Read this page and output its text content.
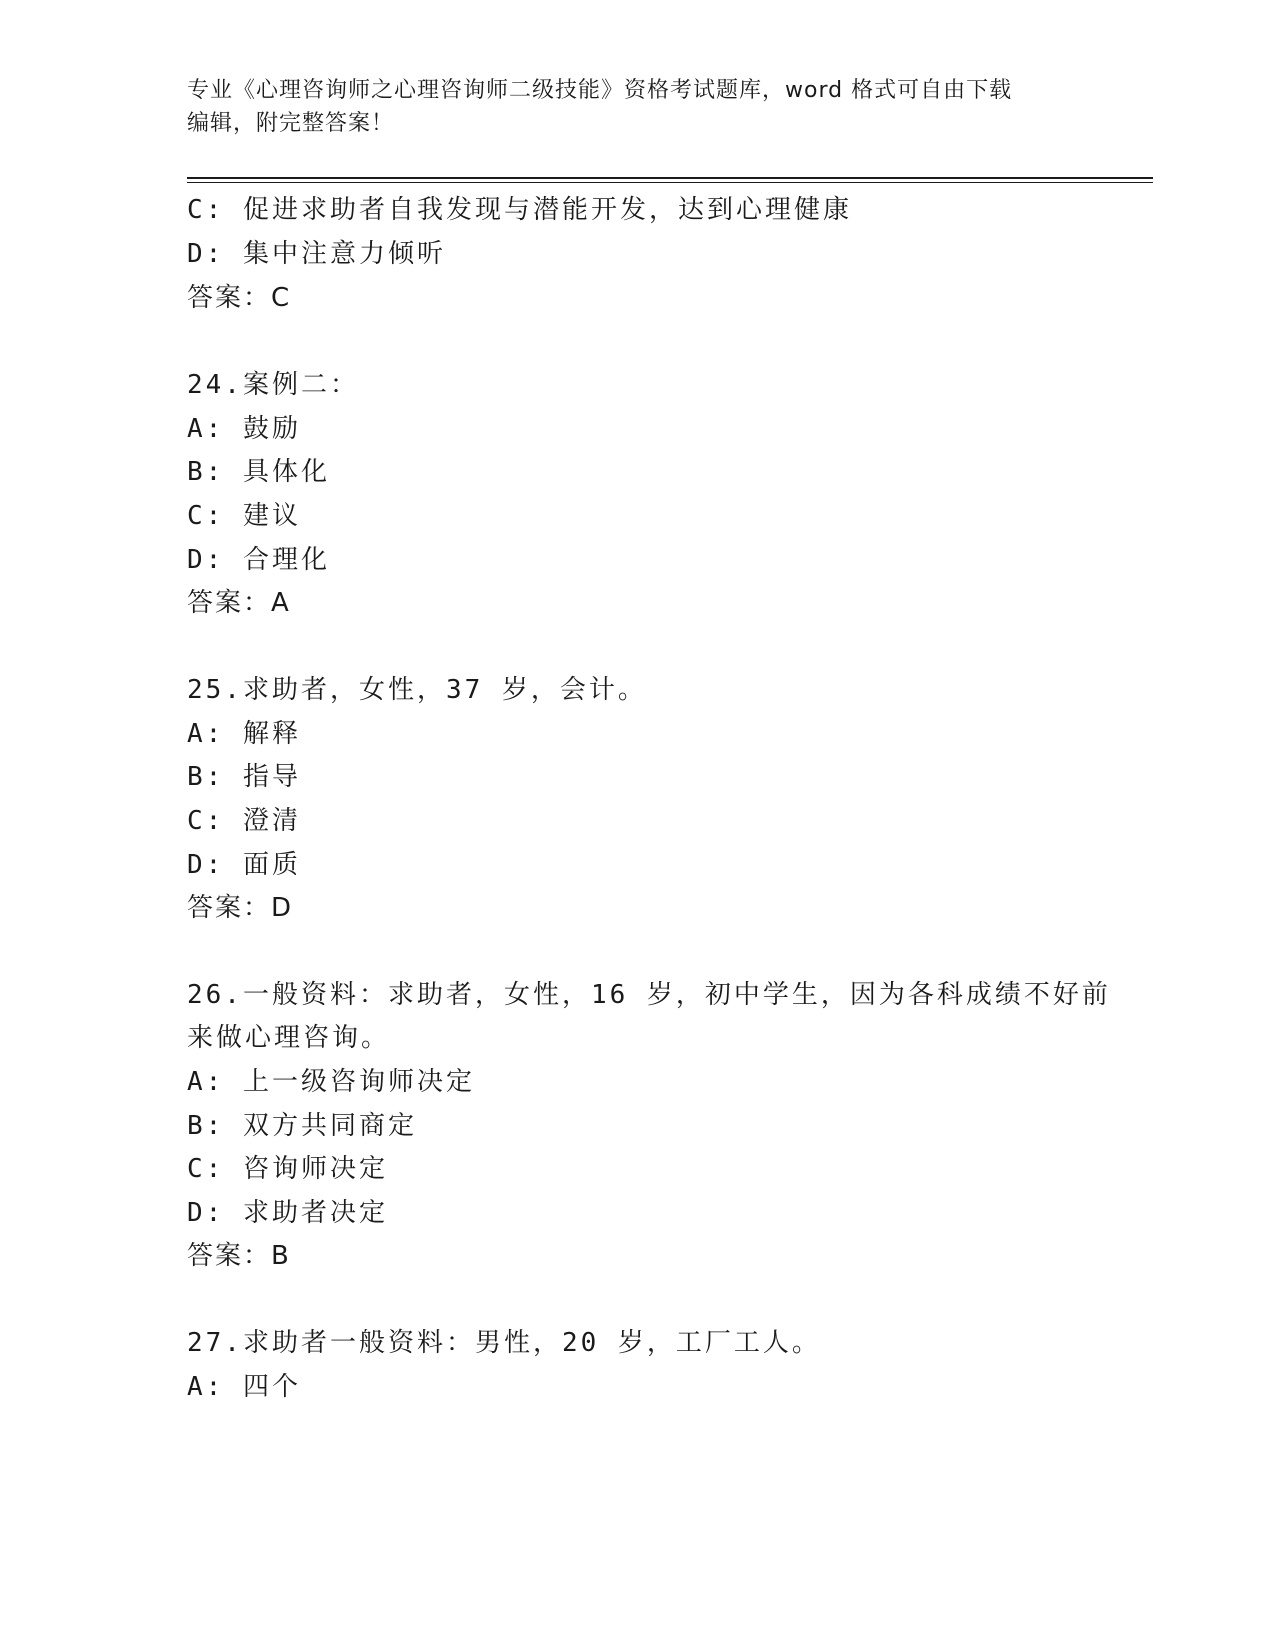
专业《心理咨询师之心理咨询师二级技能》资格考试题库，word 格式可自由下载
编辑，附完整答案！
C: 促进求助者自我发现与潜能开发，达到心理健康
D: 集中注意力倾听
答案：C
24.案例二：
A: 鼓励
B: 具体化
C: 建议
D: 合理化
答案：A
25.求助者，女性，37 岁，会计。
A: 解释
B: 指导
C: 澄清
D: 面质
答案：D
26.一般资料：求助者，女性，16 岁，初中学生，因为各科成绩不好前
来做心理咨询。
A: 上一级咨询师决定
B: 双方共同商定
C: 咨询师决定
D: 求助者决定
答案：B
27.求助者一般资料：男性，20 岁，工厂工人。
A: 四个
